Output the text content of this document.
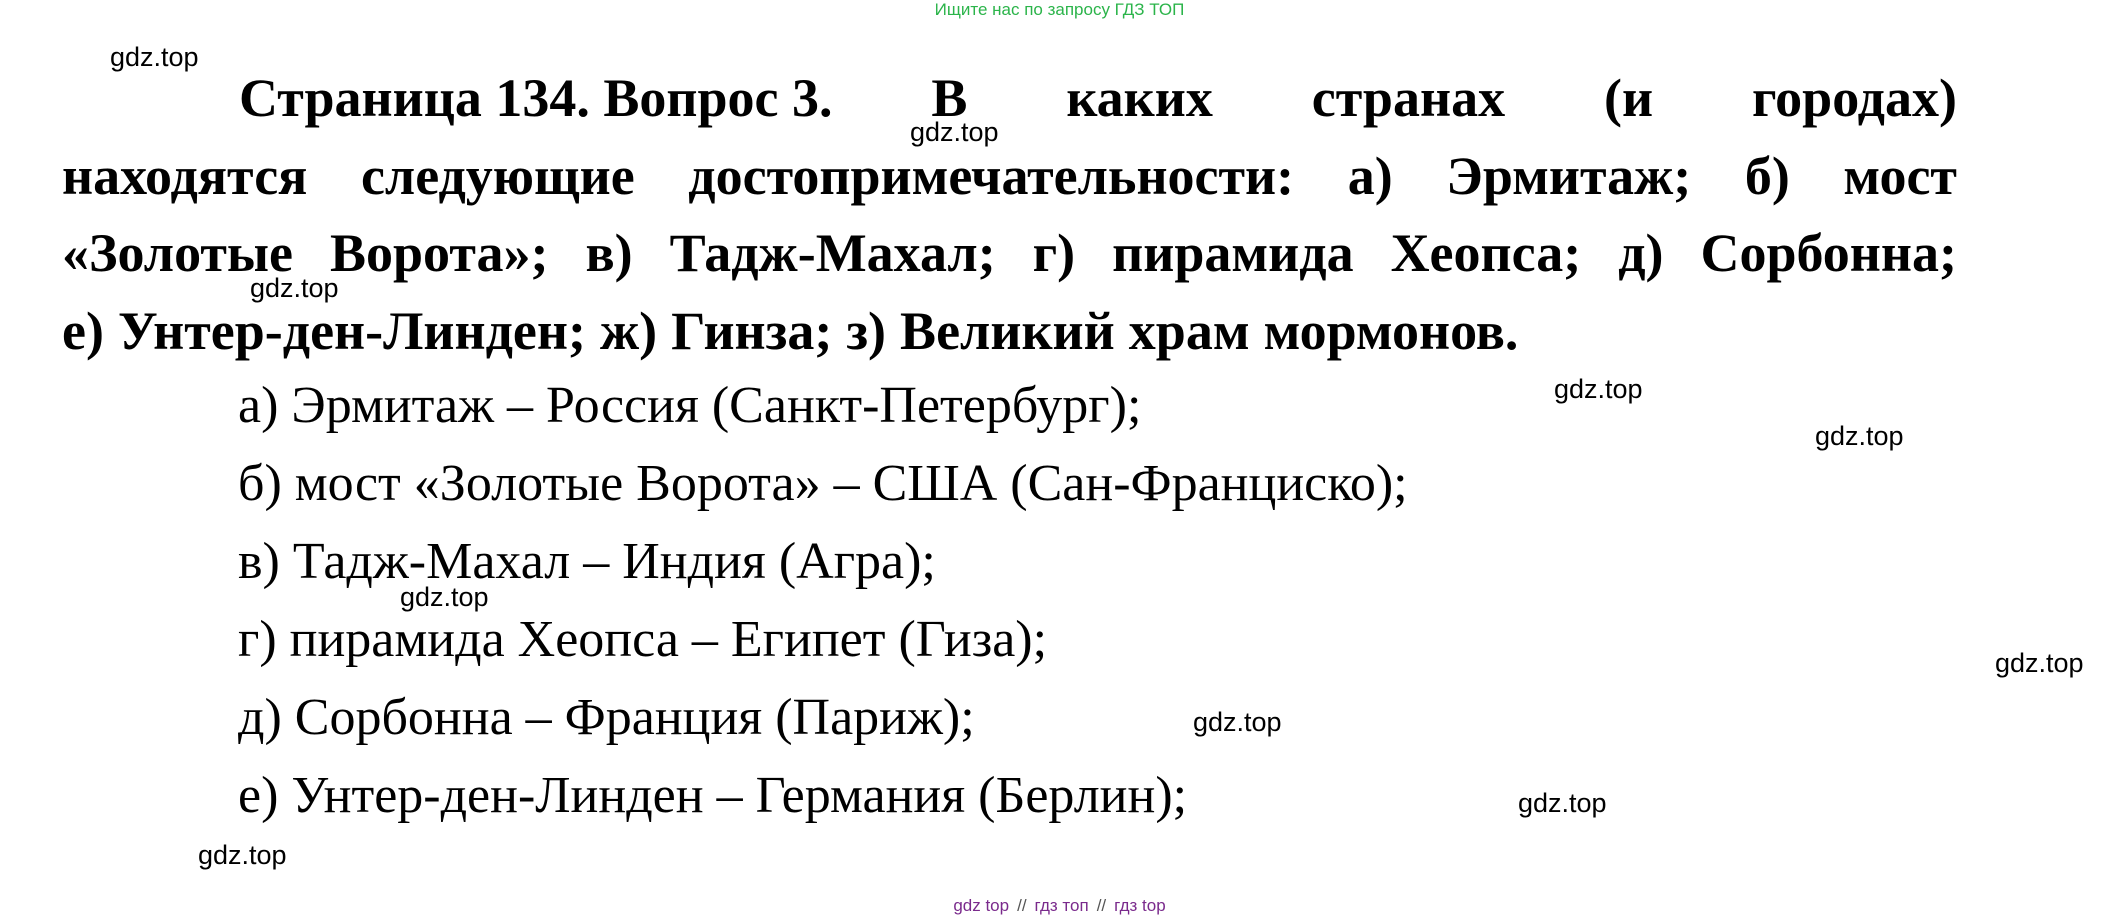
Ищите нас по запросу ГДЗ ТОП
Страница 134. Вопрос 3. В каких странах (и городах)
находятся следующие достопримечательности: а) Эрмитаж; б) мост
«Золотые Ворота»; в) Тадж-Махал; г) пирамида Хеопса; д) Сорбонна;
е) Унтер-ден-Линден; ж) Гинза; з) Великий храм мормонов.
а) Эрмитаж – Россия (Санкт-Петербург);
б) мост «Золотые Ворота» – США (Сан-Франциско);
в) Тадж-Махал – Индия (Агра);
г) пирамида Хеопса – Египет (Гиза);
д) Сорбонна – Франция (Париж);
е) Унтер-ден-Линден – Германия (Берлин);
gdz.top
gdz.top
gdz.top
gdz.top
gdz.top
gdz.top
gdz.top
gdz.top
gdz.top
gdz.top
gdz top // гдз топ // гдз top
